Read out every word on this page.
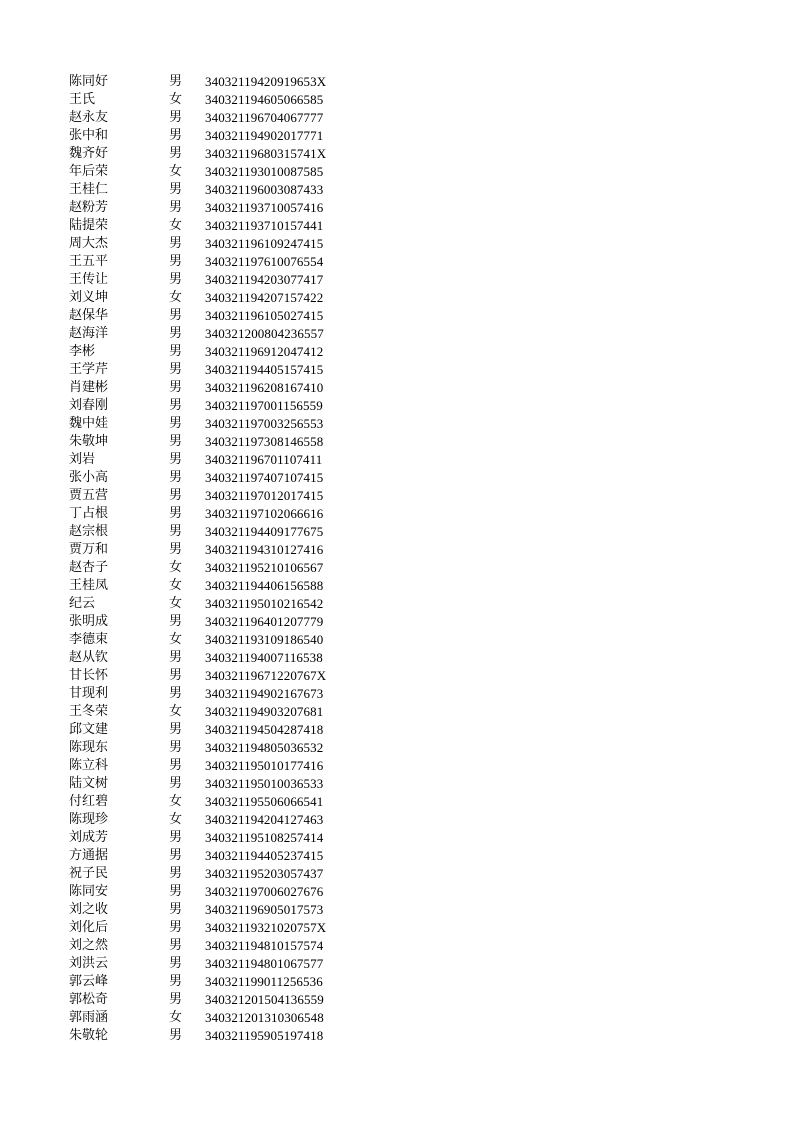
陈同好	男	34032119420919653X
王氏	女	340321194605066585
赵永友	男	340321196704067777
张中和	男	340321194902017771
魏齐好	男	34032119680315741X
年后荣	女	340321193010087585
王桂仁	男	340321196003087433
赵粉芳	男	340321193710057416
陆提荣	女	340321193710157441
周大杰	男	340321196109247415
王五平	男	340321197610076554
王传让	男	340321194203077417
刘义坤	女	340321194207157422
赵保华	男	340321196105027415
赵海洋	男	340321200804236557
李彬	男	340321196912047412
王学芹	男	340321194405157415
肖建彬	男	340321196208167410
刘春刚	男	340321197001156559
魏中娃	男	340321197003256553
朱敬坤	男	340321197308146558
刘岩	男	340321196701107411
张小高	男	340321197407107415
贾五营	男	340321197012017415
丁占根	男	340321197102066616
赵宗根	男	340321194409177675
贾万和	男	340321194310127416
赵杏子	女	340321195210106567
王桂凤	女	340321194406156588
纪云	女	340321195010216542
张明成	男	340321196401207779
李德束	女	340321193109186540
赵从钦	男	340321194007116538
甘长怀	男	34032119671220767X
甘现利	男	340321194902167673
王冬荣	女	340321194903207681
邱文建	男	340321194504287418
陈现东	男	340321194805036532
陈立科	男	340321195010177416
陆文树	男	340321195010036533
付红碧	女	340321195506066541
陈现珍	女	340321194204127463
刘成芳	男	340321195108257414
方通据	男	340321194405237415
祝子民	男	340321195203057437
陈同安	男	340321197006027676
刘之收	男	340321196905017573
刘化后	男	34032119321020757X
刘之然	男	340321194810157574
刘洪云	男	340321194801067577
郭云峰	男	340321199011256536
郭松奇	男	340321201504136559
郭雨涵	女	340321201310306548
朱敬轮	男	340321195905197418
